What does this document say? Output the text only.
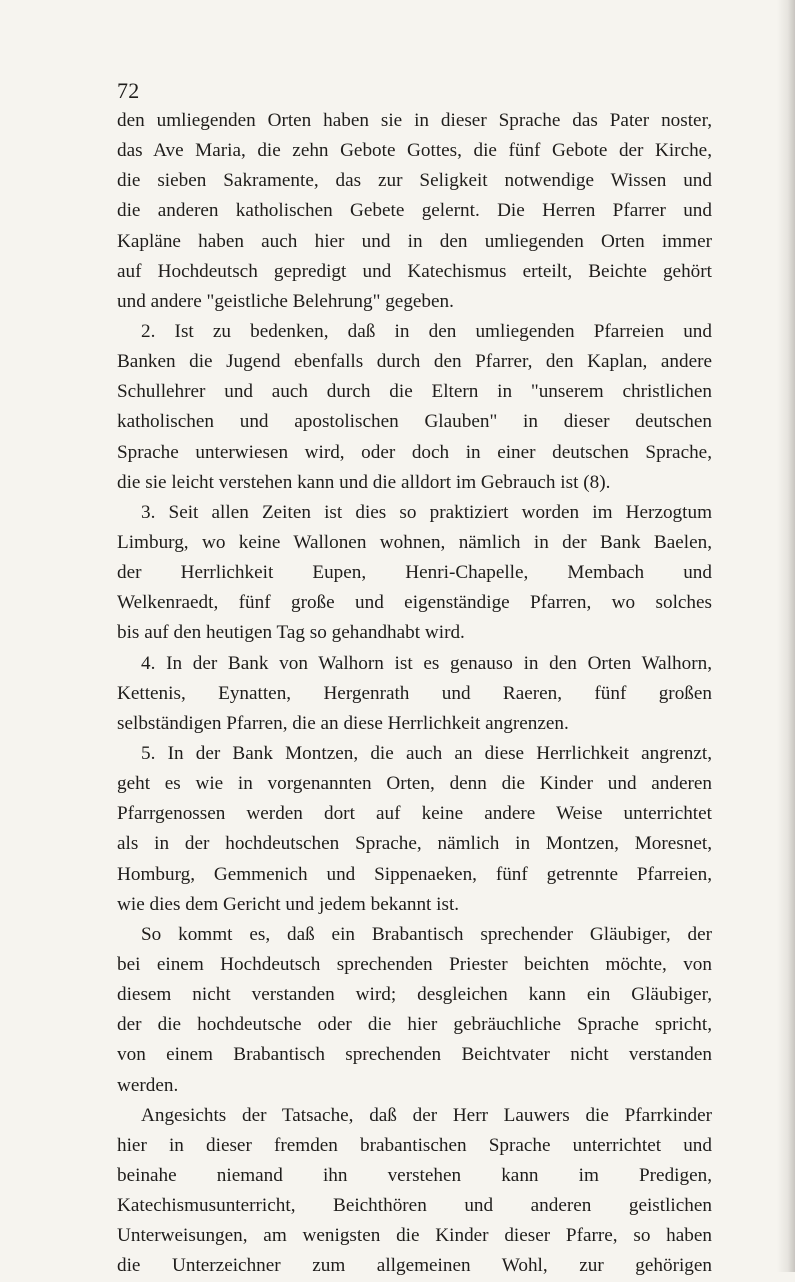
72
den umliegenden Orten haben sie in dieser Sprache das Pater noster,
das Ave Maria, die zehn Gebote Gottes, die fünf Gebote der Kirche,
die sieben Sakramente, das zur Seligkeit notwendige Wissen und
die anderen katholischen Gebete gelernt. Die Herren Pfarrer und
Kapläne haben auch hier und in den umliegenden Orten immer
auf Hochdeutsch gepredigt und Katechismus erteilt, Beichte gehört
und andere "geistliche Belehrung" gegeben.
2. Ist zu bedenken, daß in den umliegenden Pfarreien und
Banken die Jugend ebenfalls durch den Pfarrer, den Kaplan, andere
Schullehrer und auch durch die Eltern in "unserem christlichen
katholischen und apostolischen Glauben" in dieser deutschen
Sprache unterwiesen wird, oder doch in einer deutschen Sprache,
die sie leicht verstehen kann und die alldort im Gebrauch ist (8).
3. Seit allen Zeiten ist dies so praktiziert worden im Herzogtum
Limburg, wo keine Wallonen wohnen, nämlich in der Bank Baelen,
der Herrlichkeit Eupen, Henri-Chapelle, Membach und
Welkenraedt, fünf große und eigenständige Pfarren, wo solches
bis auf den heutigen Tag so gehandhabt wird.
4. In der Bank von Walhorn ist es genauso in den Orten Walhorn,
Kettenis, Eynatten, Hergenrath und Raeren, fünf großen
selbständigen Pfarren, die an diese Herrlichkeit angrenzen.
5. In der Bank Montzen, die auch an diese Herrlichkeit angrenzt,
geht es wie in vorgenannten Orten, denn die Kinder und anderen
Pfarrgenossen werden dort auf keine andere Weise unterrichtet
als in der hochdeutschen Sprache, nämlich in Montzen, Moresnet,
Homburg, Gemmenich und Sippenaeken, fünf getrennte Pfarreien,
wie dies dem Gericht und jedem bekannt ist.
So kommt es, daß ein Brabantisch sprechender Gläubiger, der
bei einem Hochdeutsch sprechenden Priester beichten möchte, von
diesem nicht verstanden wird; desgleichen kann ein Gläubiger,
der die hochdeutsche oder die hier gebräuchliche Sprache spricht,
von einem Brabantisch sprechenden Beichtvater nicht verstanden
werden.
Angesichts der Tatsache, daß der Herr Lauwers die Pfarrkinder
hier in dieser fremden brabantischen Sprache unterrichtet und
beinahe niemand ihn verstehen kann im Predigen,
Katechismusunterricht, Beichthören und anderen geistlichen
Unterweisungen, am wenigsten die Kinder dieser Pfarre, so haben
die Unterzeichner zum allgemeinen Wohl, zur gehörigen
